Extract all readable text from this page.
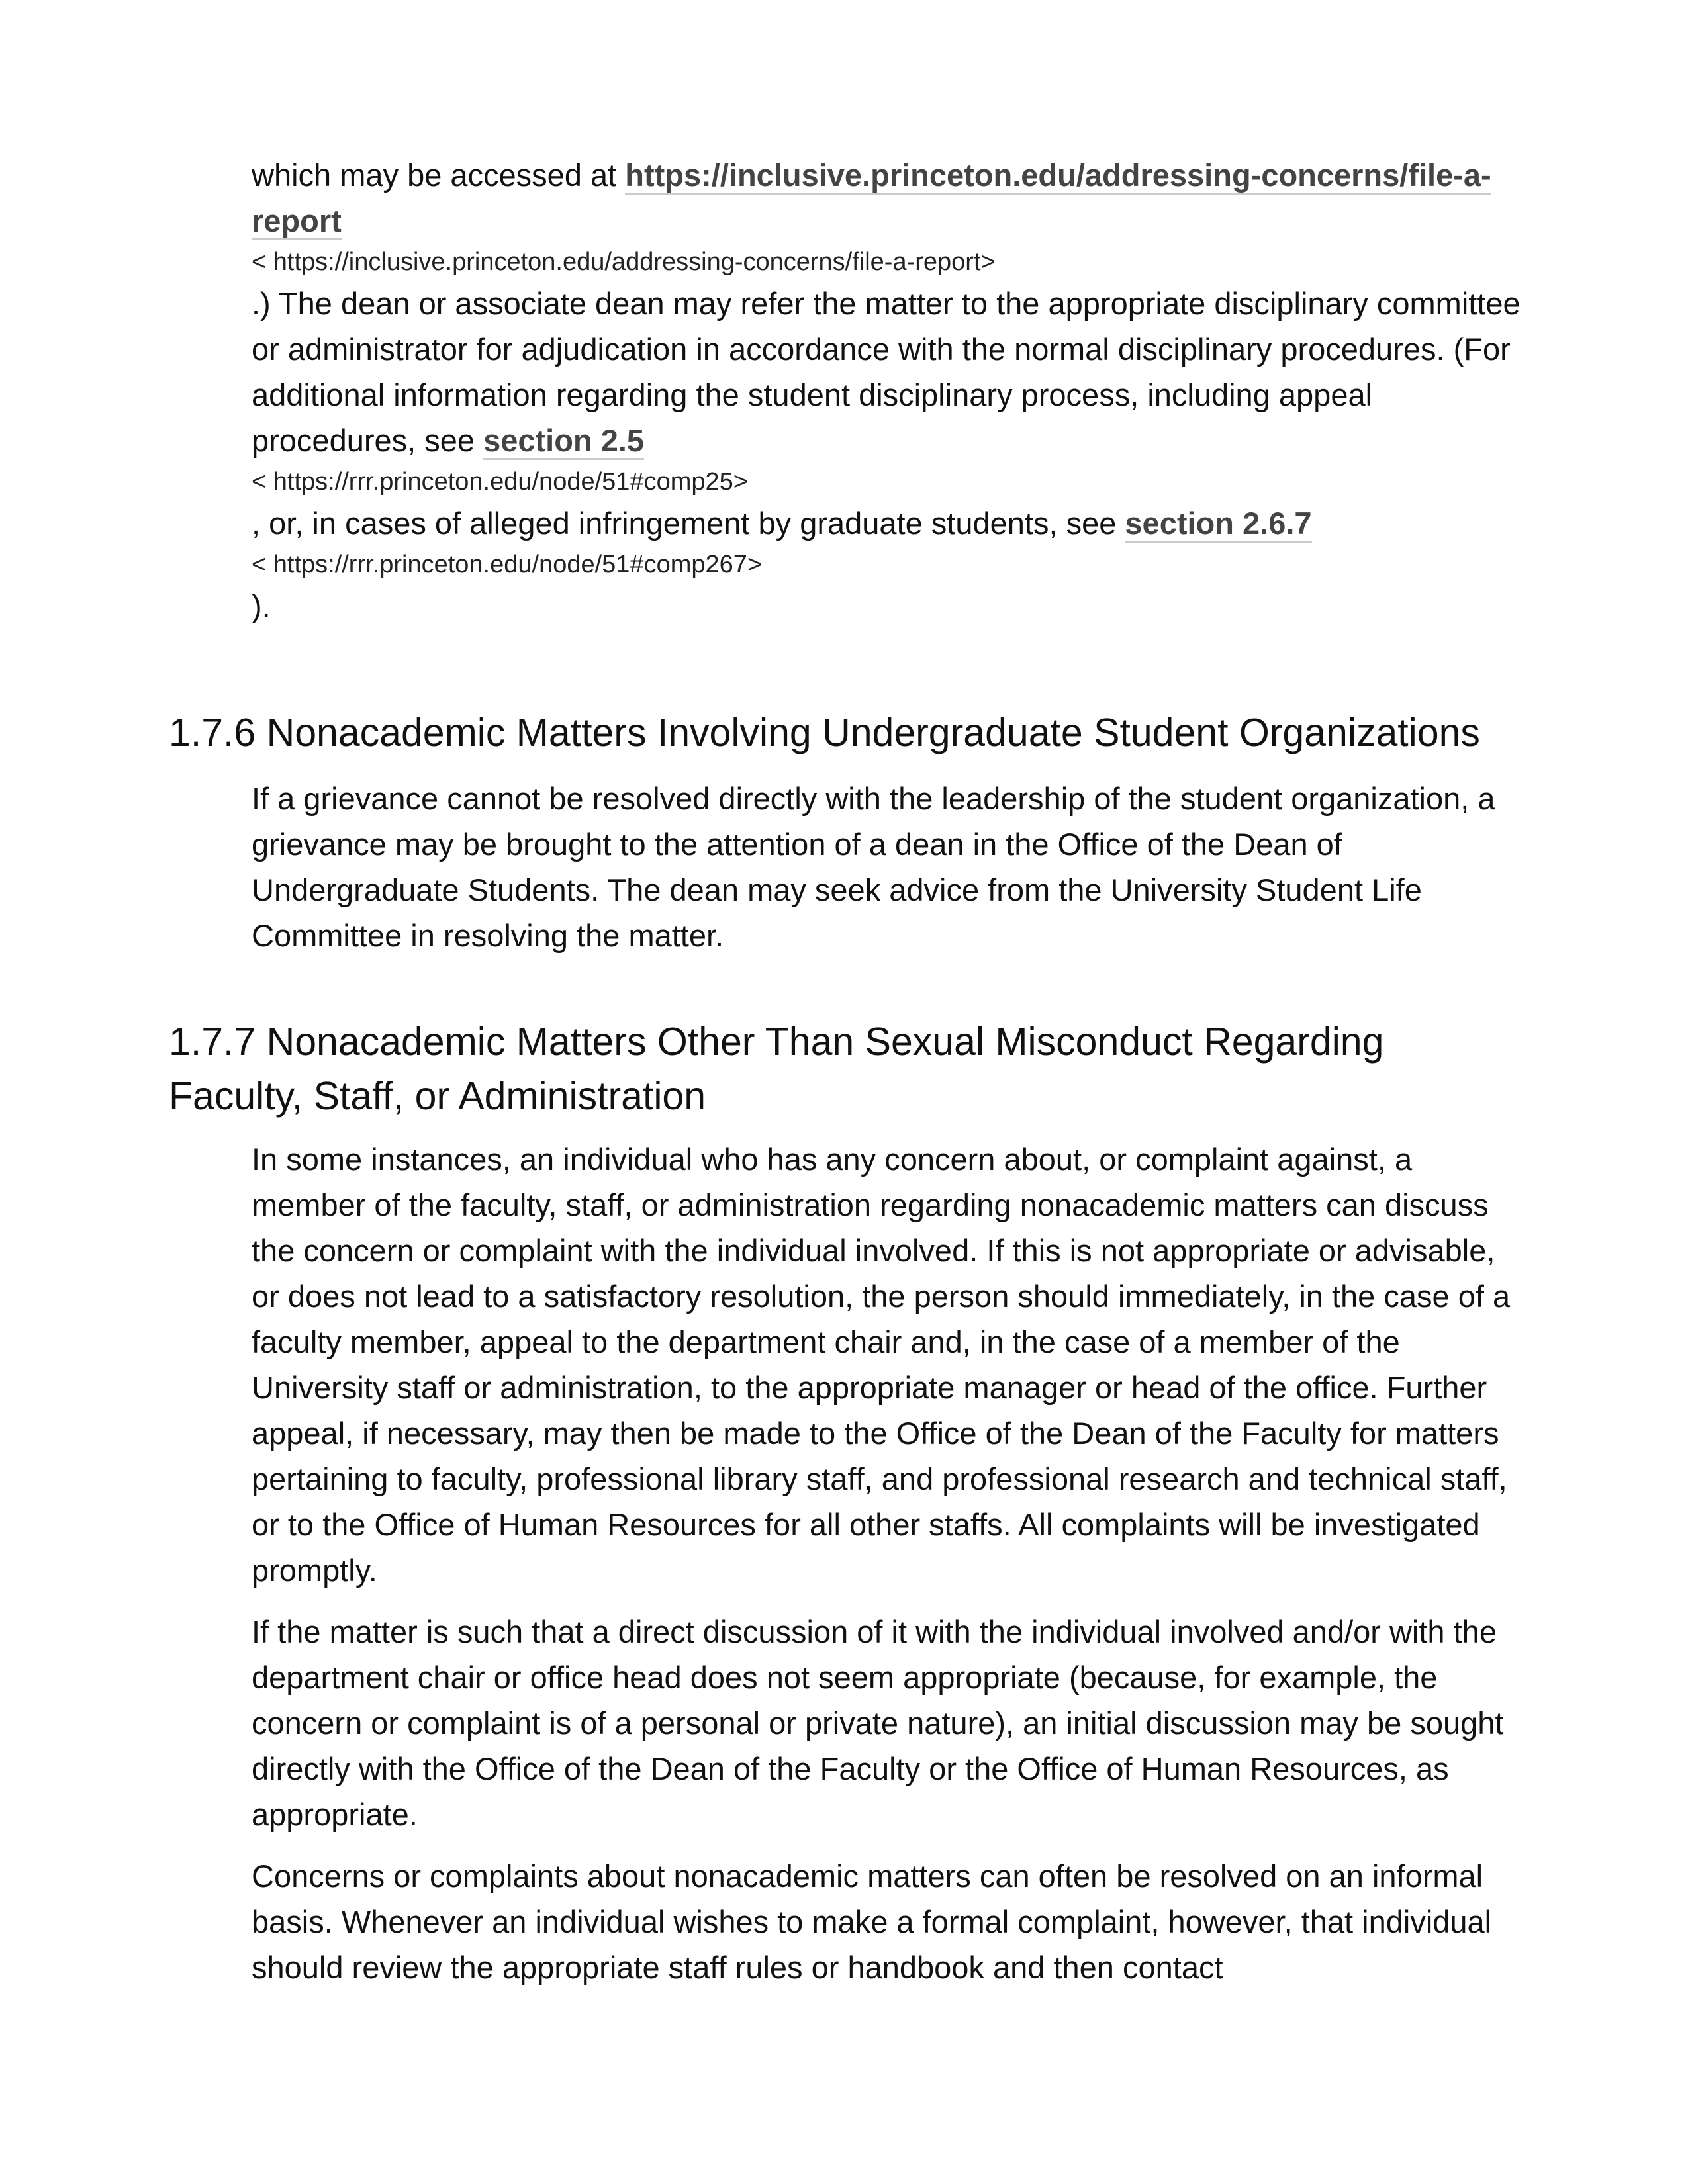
which may be accessed at https://inclusive.princeton.edu/addressing-concerns/file-a-report

< https://inclusive.princeton.edu/addressing-concerns/file-a-report>

.) The dean or associate dean may refer the matter to the appropriate disciplinary committee or administrator for adjudication in accordance with the normal disciplinary procedures. (For additional information regarding the student disciplinary process, including appeal procedures, see section 2.5

< https://rrr.princeton.edu/node/51#comp25>

, or, in cases of alleged infringement by graduate students, see section 2.6.7

< https://rrr.princeton.edu/node/51#comp267>

).

1.7.6 Nonacademic Matters Involving Undergraduate Student Organizations

If a grievance cannot be resolved directly with the leadership of the student organization, a grievance may be brought to the attention of a dean in the Office of the Dean of Undergraduate Students. The dean may seek advice from the University Student Life Committee in resolving the matter.

1.7.7 Nonacademic Matters Other Than Sexual Misconduct Regarding Faculty, Staff, or Administration

In some instances, an individual who has any concern about, or complaint against, a member of the faculty, staff, or administration regarding nonacademic matters can discuss the concern or complaint with the individual involved. If this is not appropriate or advisable, or does not lead to a satisfactory resolution, the person should immediately, in the case of a faculty member, appeal to the department chair and, in the case of a member of the University staff or administration, to the appropriate manager or head of the office. Further appeal, if necessary, may then be made to the Office of the Dean of the Faculty for matters pertaining to faculty, professional library staff, and professional research and technical staff, or to the Office of Human Resources for all other staffs. All complaints will be investigated promptly.

If the matter is such that a direct discussion of it with the individual involved and/or with the department chair or office head does not seem appropriate (because, for example, the concern or complaint is of a personal or private nature), an initial discussion may be sought directly with the Office of the Dean of the Faculty or the Office of Human Resources, as appropriate.

Concerns or complaints about nonacademic matters can often be resolved on an informal basis. Whenever an individual wishes to make a formal complaint, however, that individual should review the appropriate staff rules or handbook and then contact
